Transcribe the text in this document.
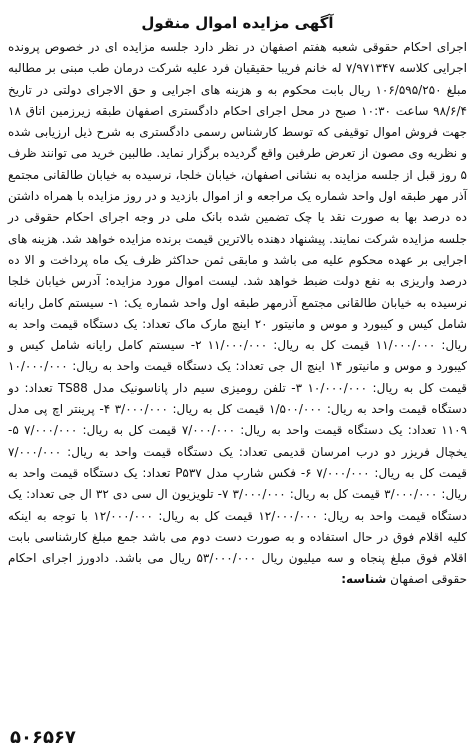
آگهی مزایده اموال منقول
اجرای احکام حقوقی شعبه هفتم اصفهان در نظر دارد جلسه مزایده ای در خصوص پرونده اجرایی کلاسه ۷/۹۷۱۳۴۷ له خانم فریبا حقیقیان فرد علیه شرکت درمان طب مبنی بر مطالبه مبلغ ۱۰۶/۵۹۵/۲۵۰ ریال بابت محکوم به و هزینه های اجرایی و حق الاجرای دولتی در تاریخ ۹۸/۶/۴ ساعت ۱۰:۳۰ صبح در محل اجرای احکام دادگستری اصفهان طبقه زیرزمین اتاق ۱۸ جهت فروش اموال توقیفی که توسط کارشناس رسمی دادگستری به شرح ذیل ارزیابی شده و نظریه وی مصون از تعرض طرفین واقع گردیده برگزار نماید. طالبین خرید می توانند ظرف ۵ روز قبل از جلسه مزایده به نشانی اصفهان، خیابان خلجا، نرسیده به خیابان طالقانی مجتمع آذر مهر طبقه اول واحد شماره یک مراجعه و از اموال بازدید و در روز مزایده با همراه داشتن ده درصد بها به صورت نقد یا چک تضمین شده بانک ملی در وجه اجرای احکام حقوقی در جلسه مزایده شرکت نمایند. پیشنهاد دهنده بالاترین قیمت برنده مزایده خواهد شد. هزینه های اجرایی بر عهده محکوم علیه می باشد و مابقی ثمن حداکثر ظرف یک ماه پرداخت و الا ده درصد واریزی به نفع دولت ضبط خواهد شد. لیست اموال مورد مزایده: آدرس خیابان خلجا نرسیده به خیابان طالقانی مجتمع آذرمهر طبقه اول واحد شماره یک: ۱- سیستم کامل رایانه شامل کیس و کیبورد و موس و مانیتور ۲۰ اینچ مارک ماک تعداد: یک دستگاه قیمت واحد به ریال: ۱۱/۰۰۰/۰۰۰ قیمت کل به ریال: ۱۱/۰۰۰/۰۰۰ ۲- سیستم کامل رایانه شامل کیس و کیبورد و موس و مانیتور ۱۴ اینچ ال جی تعداد: یک دستگاه قیمت واحد به ریال: ۱۰/۰۰۰/۰۰۰ قیمت کل به ریال: ۱۰/۰۰۰/۰۰۰ ۳- تلفن رومیزی سیم دار پاناسونیک مدل TS88 تعداد: دو دستگاه قیمت واحد به ریال: ۱/۵۰۰/۰۰۰ قیمت کل به ریال: ۳/۰۰۰/۰۰۰ ۴- پرینتر اچ پی مدل ۱۱۰۹ تعداد: یک دستگاه قیمت واحد به ریال: ۷/۰۰۰/۰۰۰ قیمت کل به ریال: ۷/۰۰۰/۰۰۰ ۵- یخچال فریزر دو درب امرسان قدیمی تعداد: یک دستگاه قیمت واحد به ریال: ۷/۰۰۰/۰۰۰ قیمت کل به ریال: ۷/۰۰۰/۰۰۰ ۶- فکس شارپ مدل P۵۳۷ تعداد: یک دستگاه قیمت واحد به ریال: ۳/۰۰۰/۰۰۰ قیمت کل به ریال: ۳/۰۰۰/۰۰۰ ۷- تلویزیون ال سی دی ۳۲ ال جی تعداد: یک دستگاه قیمت واحد به ریال: ۱۲/۰۰۰/۰۰۰ قیمت کل به ریال: ۱۲/۰۰۰/۰۰۰ با توجه به اینکه کلیه اقلام فوق در حال استفاده و به صورت دست دوم می باشد جمع مبلغ کارشناسی بابت اقلام فوق مبلغ پنجاه و سه میلیون ریال ۵۳/۰۰۰/۰۰۰ ریال می باشد. دادورز اجرای احکام حقوقی اصفهان شناسه:
۵۰۶۵۶۷
